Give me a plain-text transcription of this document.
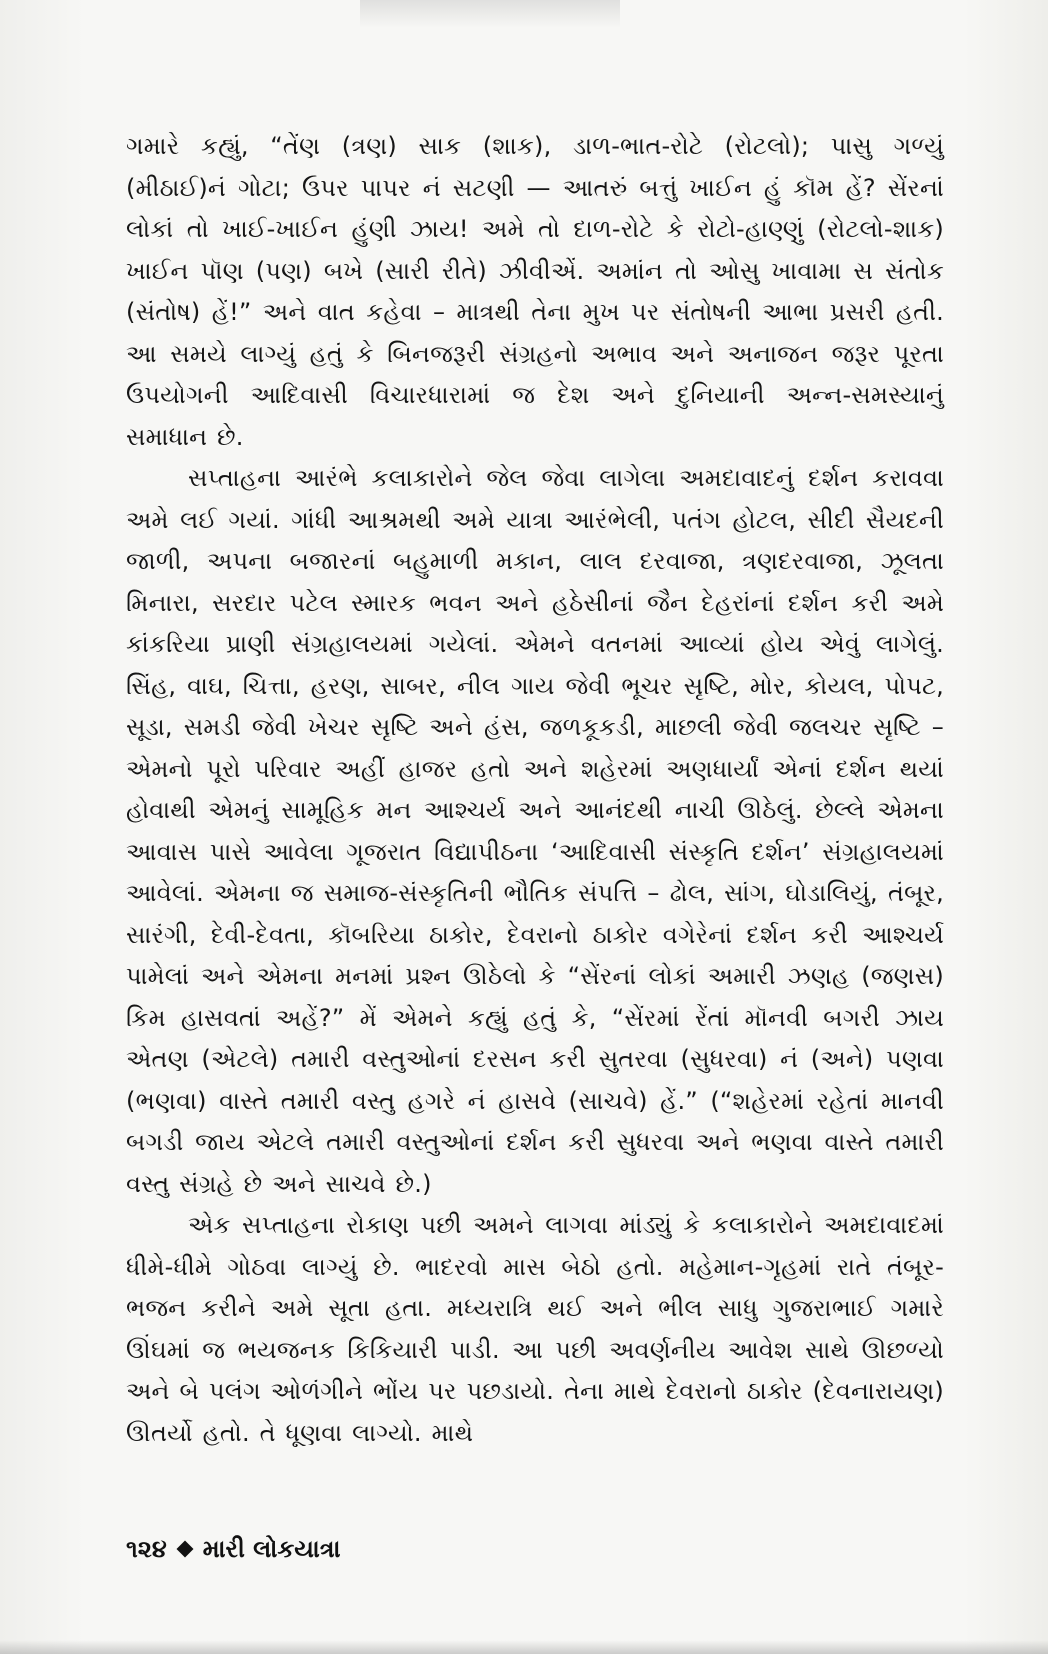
ગમારે કહ્યું, “તેંણ (ત્રણ) સાક (શાક), ડાળ-ભાત-રોટે (રોટલો); પાસુ ગળ્યું (મીઠાઈ)નં ગોટા; ઉપર પાપર નં સટણી — આતરું બત્તું ખાઈન હું કૉમ હેં? સેંરનાં લોકાં તો ખાઈ-ખાઈન હુંણી ઝાય! અમે તો દાળ-રોટે કે રોટો-હાણ્ણું (રોટલો-શાક) ખાઈન પૉણ (પણ) બખે (સારી રીતે) ઝીવીએં. અમાંન તો ઓસુ ખાવામા સ સંતોક (સંતોષ) હેં!” અને વાત કહેવા – માત્રથી તેના મુખ પર સંતોષની આભા પ્રસરી હતી. આ સમયે લાગ્યું હતું કે બિનજરૂરી સંગ્રહનો અભાવ અને અનાજન જરૂર પૂરતા ઉપયોગની આદિવાસી વિચારધારામાં જ દેશ અને દુનિયાની અન્ન-સમસ્યાનું સમાધાન છે.

સપ્તાહના આરંભે કલાકારોને જેલ જેવા લાગેલા અમદાવાદનું દર્શન કરાવવા અમે લઈ ગયાં. ગાંધી આશ્રમથી અમે યાત્રા આરંભેલી, પતંગ હોટલ, સીદી સૈયદની જાળી, અપના બજારનાં બહુમાળી મકાન, લાલ દરવાજા, ત્રણદરવાજા, ઝૂલતા મિનારા, સરદાર પટેલ સ્મારક ભવન અને હઠેસીનાં જૈન દેહરાંનાં દર્શન કરી અમે કાંકરિયા પ્રાણી સંગ્રહાલયમાં ગયેલાં. એમને વતનમાં આવ્યાં હોય એવું લાગેલું. સિંહ, વાઘ, ચિત્તા, હરણ, સાબર, નીલ ગાય જેવી ભૂચર સૃષ્ટિ, મોર, કોયલ, પોપટ, સૂડા, સમડી જેવી ખેચર સૃષ્ટિ અને હંસ, જળકૂકડી, માછલી જેવી જલચર સૃષ્ટિ – એમનો પૂરો પરિવાર અહીં હાજર હતો અને શહેરમાં અણધાર્યાં એનાં દર્શન થયાં હોવાથી એમનું સામૂહિક મન આશ્ચર્ય અને આનંદથી નાચી ઊઠેલું. છેલ્લે એમના આવાસ પાસે આવેલા ગૂજરાત વિદ્યાપીઠના ‘આદિવાસી સંસ્કૃતિ દર્શન’ સંગ્રહાલયમાં આવેલાં. એમના જ સમાજ-સંસ્કૃતિની ભૌતિક સંપત્તિ – ઢોલ, સાંગ, ઘોડાલિયું, તંબૂર, સારંગી, દેવી-દેવતા, કૉબરિયા ઠાકોર, દેવરાનો ઠાકોર વગેરેનાં દર્શન કરી આશ્ચર્ય પામેલાં અને એમના મનમાં પ્રશ્ન ઊઠેલો કે “સેંરનાં લોકાં અમારી ઝણહ (જણસ) કિમ હાસવતાં અહેં?” મેં એમને કહ્યું હતું કે, “સેંરમાં રેંતાં મૉનવી બગરી ઝાય એતણ (એટલે) તમારી વસ્તુઓનાં દરસન કરી સુતરવા (સુધરવા) નં (અને) પણવા (ભણવા) વાસ્તે તમારી વસ્તુ હગરે નં હાસવે (સાચવે) હેં.” (“શહેરમાં રહેતાં માનવી બગડી જાય એટલે તમારી વસ્તુઓનાં દર્શન કરી સુધરવા અને ભણવા વાસ્તે તમારી વસ્તુ સંગ્રહે છે અને સાચવે છે.)

એક સપ્તાહના રોકાણ પછી અમને લાગવા માંડ્યું કે કલાકારોને અમદાવાદમાં ધીમે-ધીમે ગોઠવા લાગ્યું છે. ભાદરવો માસ બેઠો હતો. મહેમાન-ગૃહમાં રાતે તંબૂર-ભજન કરીને અમે સૂતા હતા. મધ્યરાત્રિ થઈ અને ભીલ સાધુ ગુજરાભાઈ ગમારે ઊંઘમાં જ ભયજનક કિકિયારી પાડી. આ પછી અવર્ણનીય આવેશ સાથે ઊછળ્યો અને બે પલંગ ઓળંગીને ભોંય પર પછડાયો. તેના માથે દેવરાનો ઠાકોર (દેવનારાયણ) ઊતર્યો હતો. તે ધૂણવા લાગ્યો. માથે

૧૨૪ મારી લોકયાત્રા
